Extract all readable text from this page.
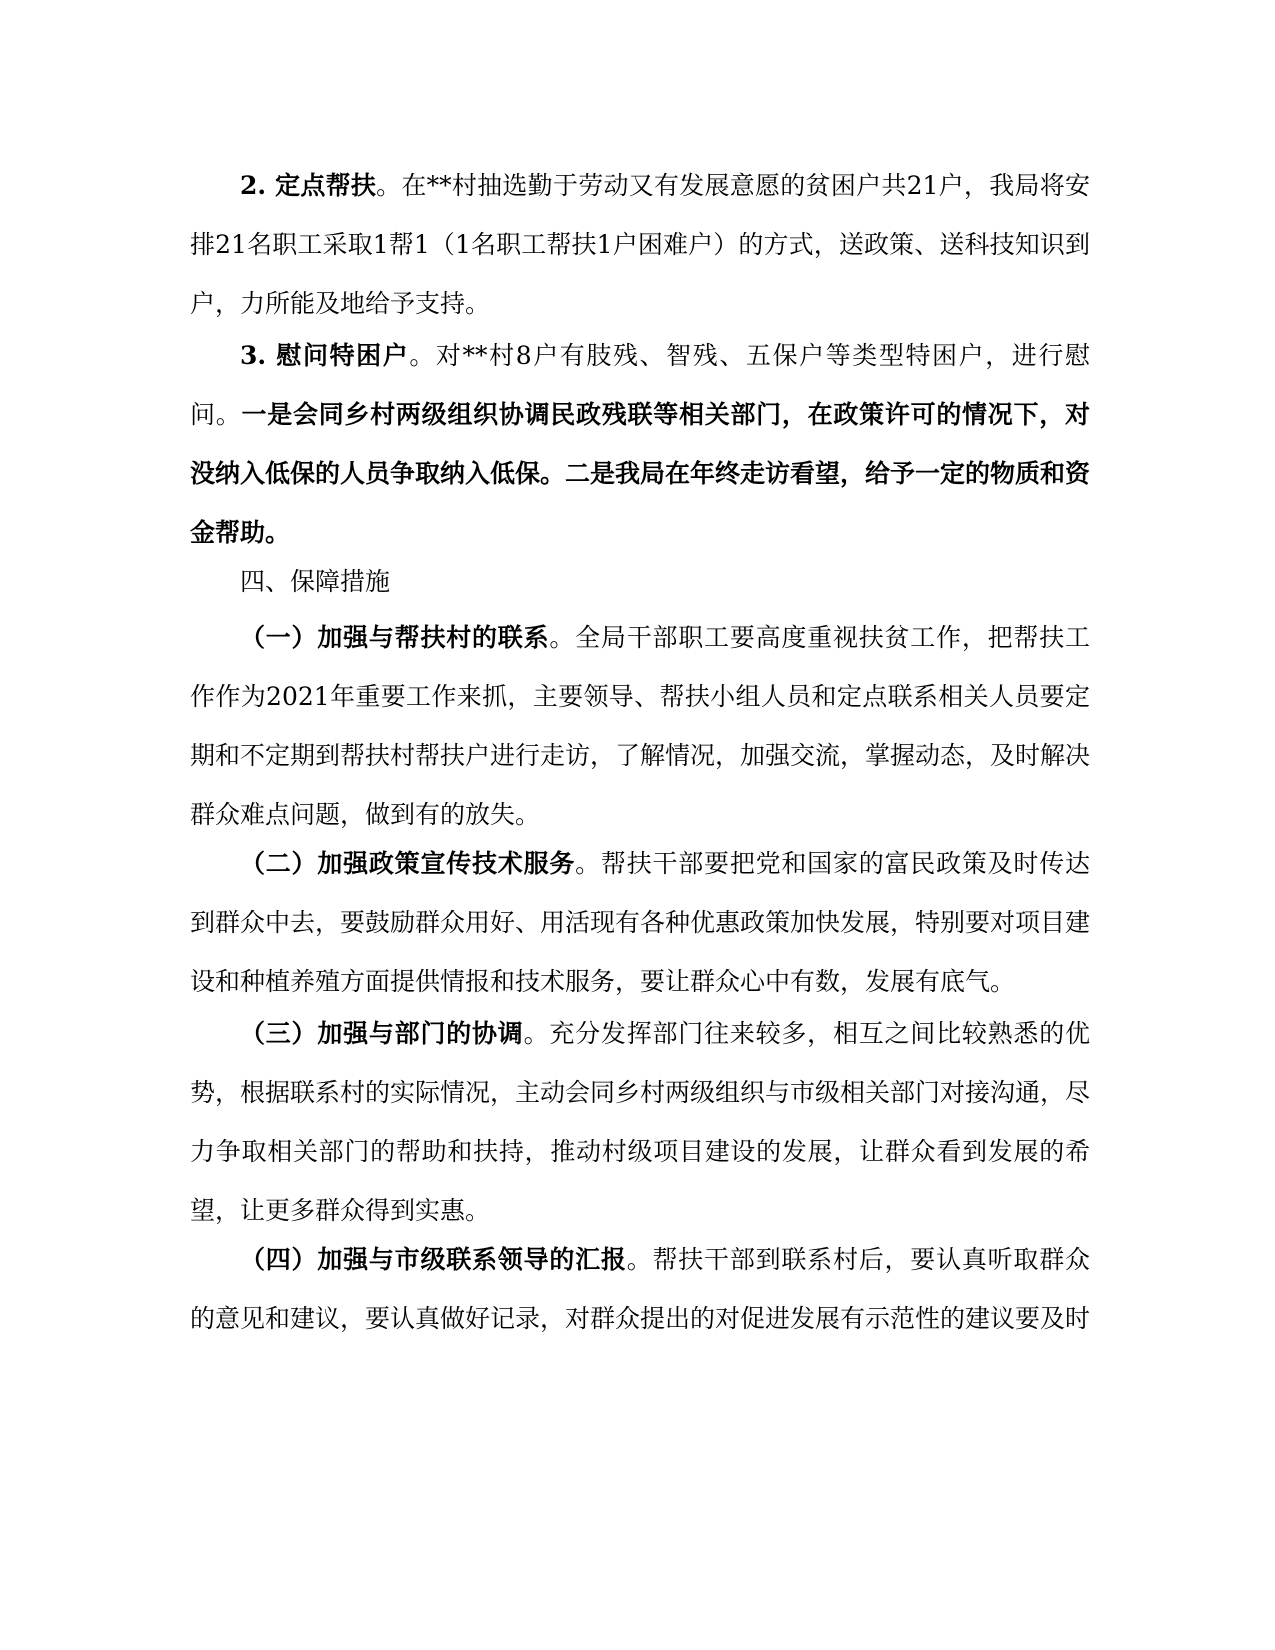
2. 定点帮扶。在**村抽选勤于劳动又有发展意愿的贫困户共21户，我局将安排21名职工采取1帮1（1名职工帮扶1户困难户）的方式，送政策、送科技知识到户，力所能及地给予支持。

3. 慰问特困户。对**村8户有肢残、智残、五保户等类型特困户，进行慰问。一是会同乡村两级组织协调民政残联等相关部门，在政策许可的情况下，对没纳入低保的人员争取纳入低保。二是我局在年终走访看望，给予一定的物质和资金帮助。

四、保障措施

（一）加强与帮扶村的联系。全局干部职工要高度重视扶贫工作，把帮扶工作作为2021年重要工作来抓，主要领导、帮扶小组人员和定点联系相关人员要定期和不定期到帮扶村帮扶户进行走访，了解情况，加强交流，掌握动态，及时解决群众难点问题，做到有的放失。

（二）加强政策宣传技术服务。帮扶干部要把党和国家的富民政策及时传达到群众中去，要鼓励群众用好、用活现有各种优惠政策加快发展，特别要对项目建设和种植养殖方面提供情报和技术服务，要让群众心中有数，发展有底气。

（三）加强与部门的协调。充分发挥部门往来较多，相互之间比较熟悉的优势，根据联系村的实际情况，主动会同乡村两级组织与市级相关部门对接沟通，尽力争取相关部门的帮助和扶持，推动村级项目建设的发展，让群众看到发展的希望，让更多群众得到实惠。

（四）加强与市级联系领导的汇报。帮扶干部到联系村后，要认真听取群众的意见和建议，要认真做好记录，对群众提出的对促进发展有示范性的建议要及时
